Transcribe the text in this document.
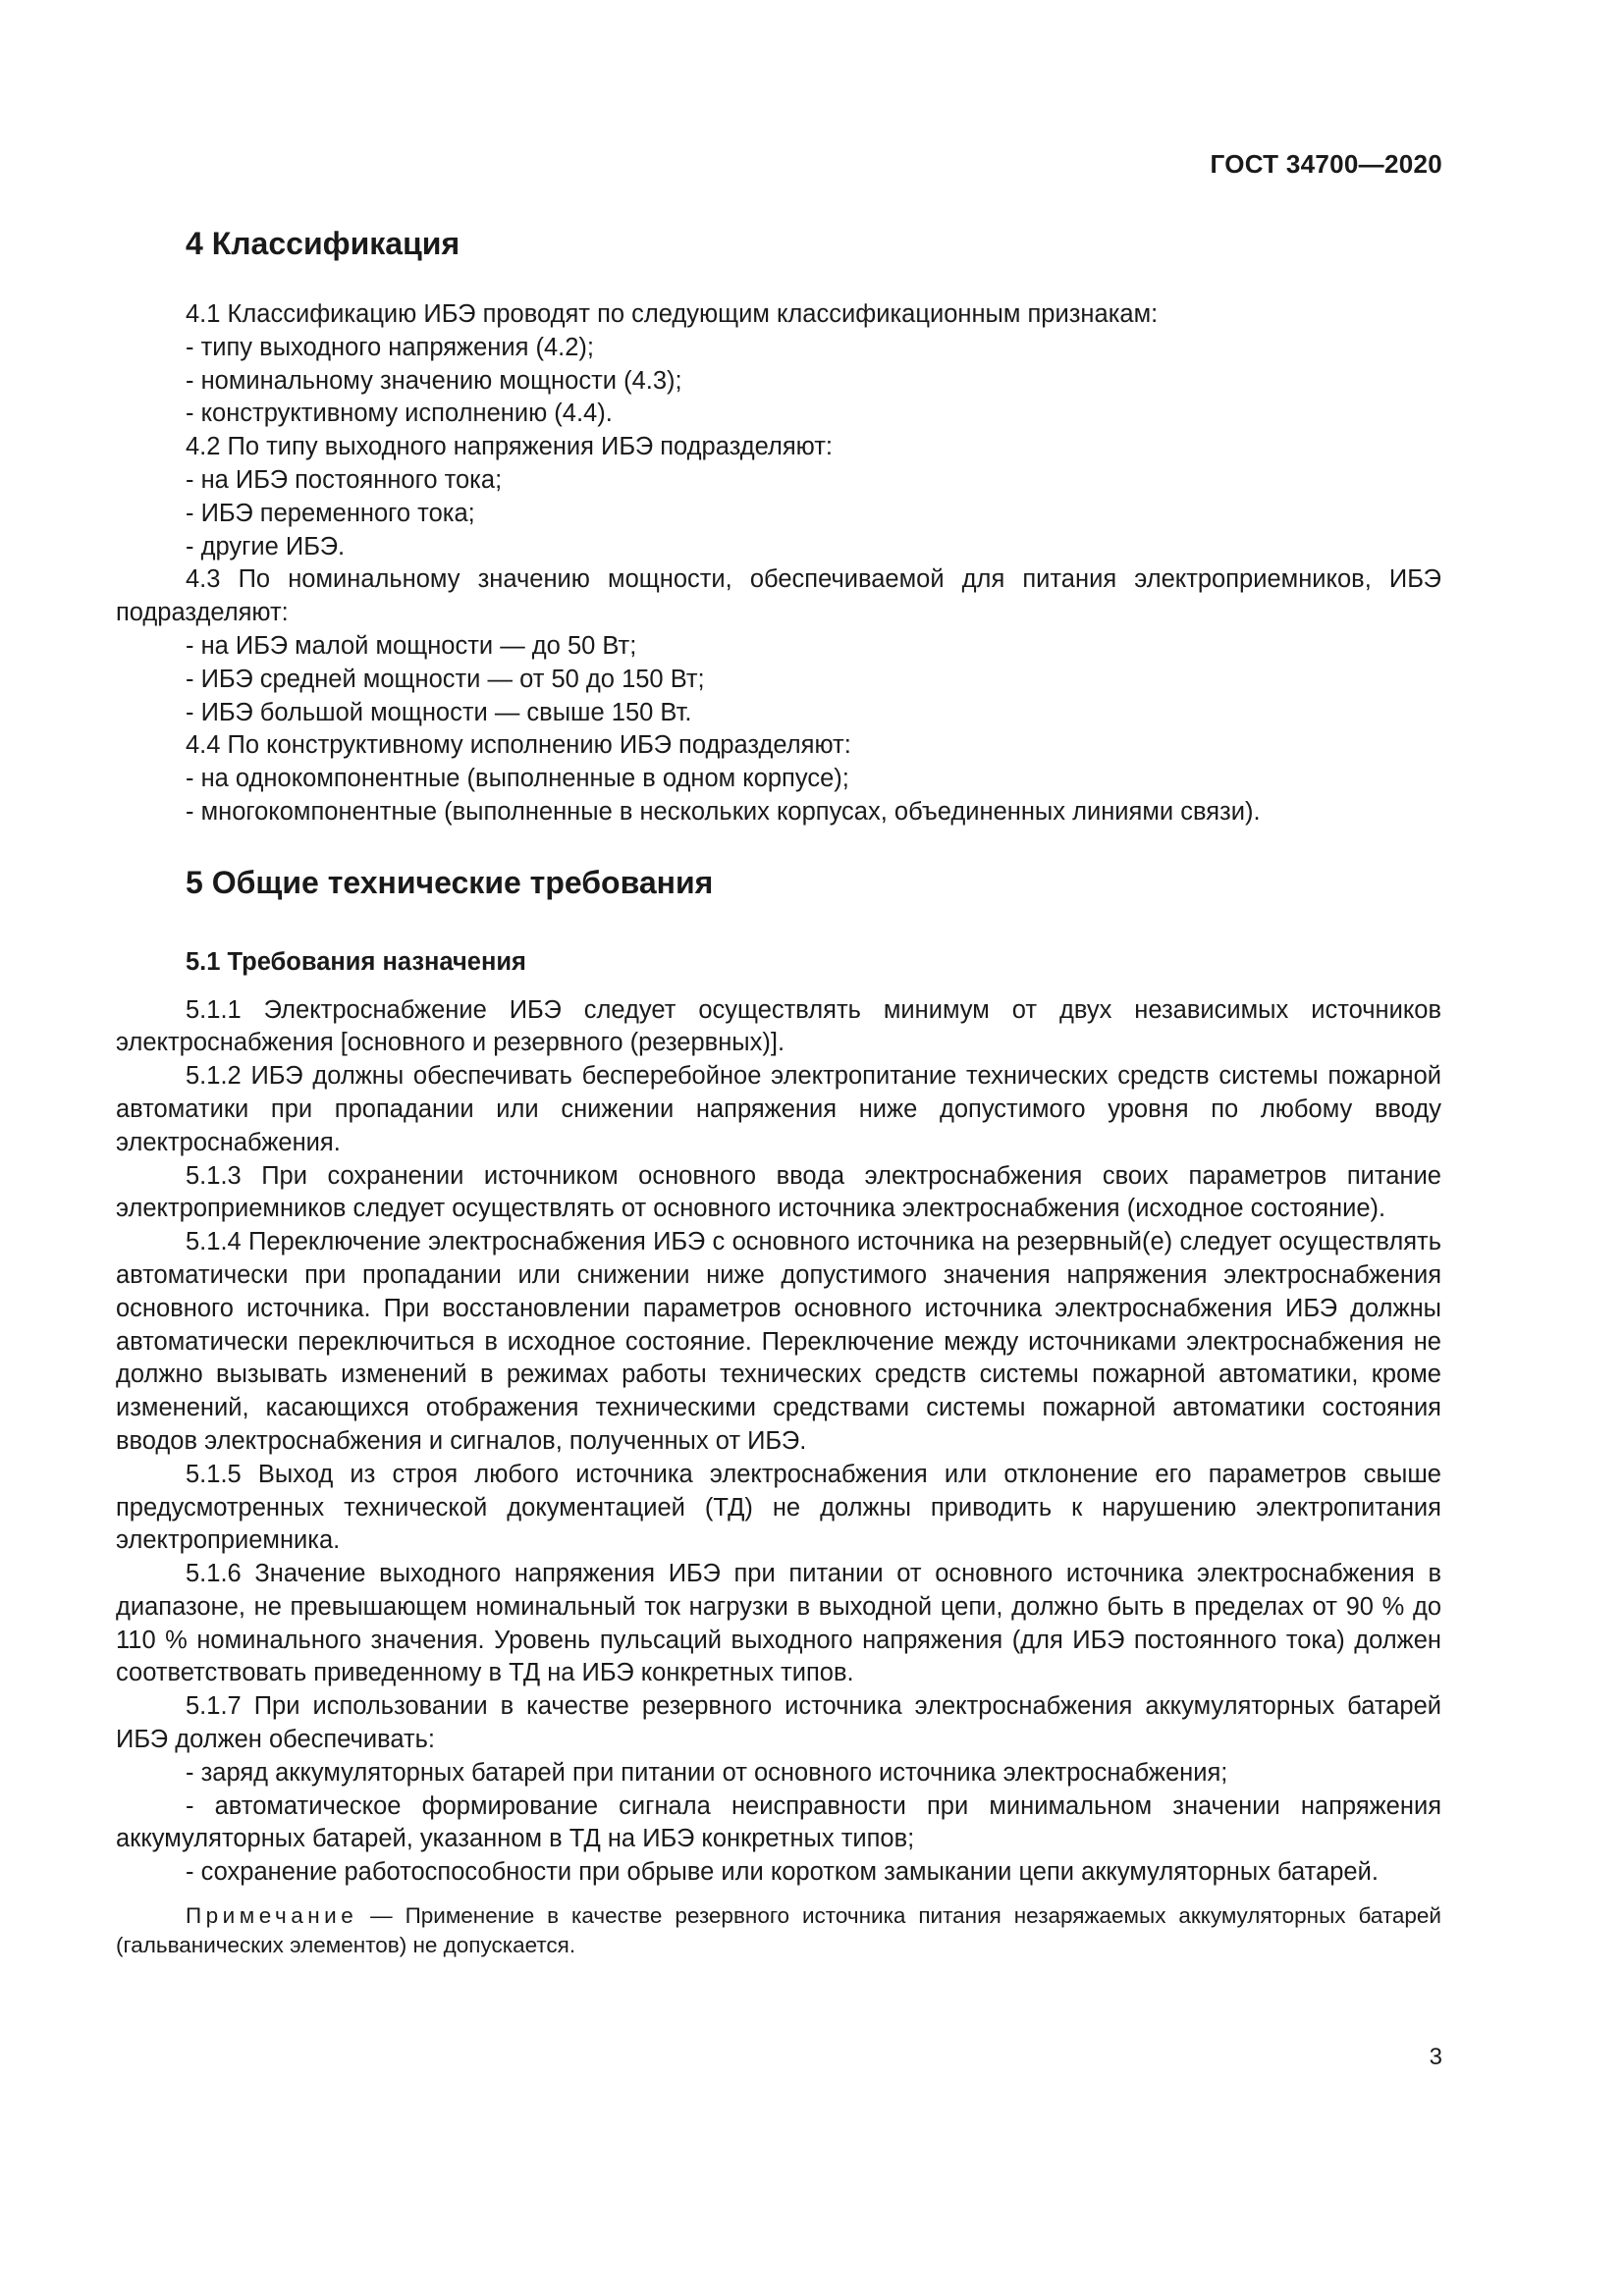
ГОСТ 34700—2020
4 Классификация

4.1 Классификацию ИБЭ проводят по следующим классификационным признакам:

- типу выходного напряжения (4.2);

- номинальному значению мощности (4.3);

- конструктивному исполнению (4.4).

4.2 По типу выходного напряжения ИБЭ подразделяют:

- на ИБЭ постоянного тока;

- ИБЭ переменного тока;

- другие ИБЭ.

4.3 По номинальному значению мощности, обеспечиваемой для питания электроприемников, ИБЭ подразделяют:

- на ИБЭ малой мощности — до 50 Вт;

- ИБЭ средней мощности — от 50 до 150 Вт;

- ИБЭ большой мощности — свыше 150 Вт.

4.4 По конструктивному исполнению ИБЭ подразделяют:

- на однокомпонентные (выполненные в одном корпусе);

- многокомпонентные (выполненные в нескольких корпусах, объединенных линиями связи).

5 Общие технические требования
5.1 Требования назначения

5.1.1 Электроснабжение ИБЭ следует осуществлять минимум от двух независимых источников электроснабжения [основного и резервного (резервных)].

5.1.2 ИБЭ должны обеспечивать бесперебойное электропитание технических средств системы пожарной автоматики при пропадании или снижении напряжения ниже допустимого уровня по любому вводу электроснабжения.

5.1.3 При сохранении источником основного ввода электроснабжения своих параметров питание электроприемников следует осуществлять от основного источника электроснабжения (исходное состояние).

5.1.4 Переключение электроснабжения ИБЭ с основного источника на резервный(е) следует осуществлять автоматически при пропадании или снижении ниже допустимого значения напряжения электроснабжения основного источника. При восстановлении параметров основного источника электроснабжения ИБЭ должны автоматически переключиться в исходное состояние. Переключение между источниками электроснабжения не должно вызывать изменений в режимах работы технических средств системы пожарной автоматики, кроме изменений, касающихся отображения техническими средствами системы пожарной автоматики состояния вводов электроснабжения и сигналов, полученных от ИБЭ.

5.1.5 Выход из строя любого источника электроснабжения или отклонение его параметров свыше предусмотренных технической документацией (ТД) не должны приводить к нарушению электропитания электроприемника.

5.1.6 Значение выходного напряжения ИБЭ при питании от основного источника электроснабжения в диапазоне, не превышающем номинальный ток нагрузки в выходной цепи, должно быть в пределах от 90 % до 110 % номинального значения. Уровень пульсаций выходного напряжения (для ИБЭ постоянного тока) должен соответствовать приведенному в ТД на ИБЭ конкретных типов.

5.1.7 При использовании в качестве резервного источника электроснабжения аккумуляторных батарей ИБЭ должен обеспечивать:

- заряд аккумуляторных батарей при питании от основного источника электроснабжения;

- автоматическое формирование сигнала неисправности при минимальном значении напряжения аккумуляторных батарей, указанном в ТД на ИБЭ конкретных типов;

- сохранение работоспособности при обрыве или коротком замыкании цепи аккумуляторных батарей.

Примечание — Применение в качестве резервного источника питания незаряжаемых аккумуляторных батарей (гальванических элементов) не допускается.

3
